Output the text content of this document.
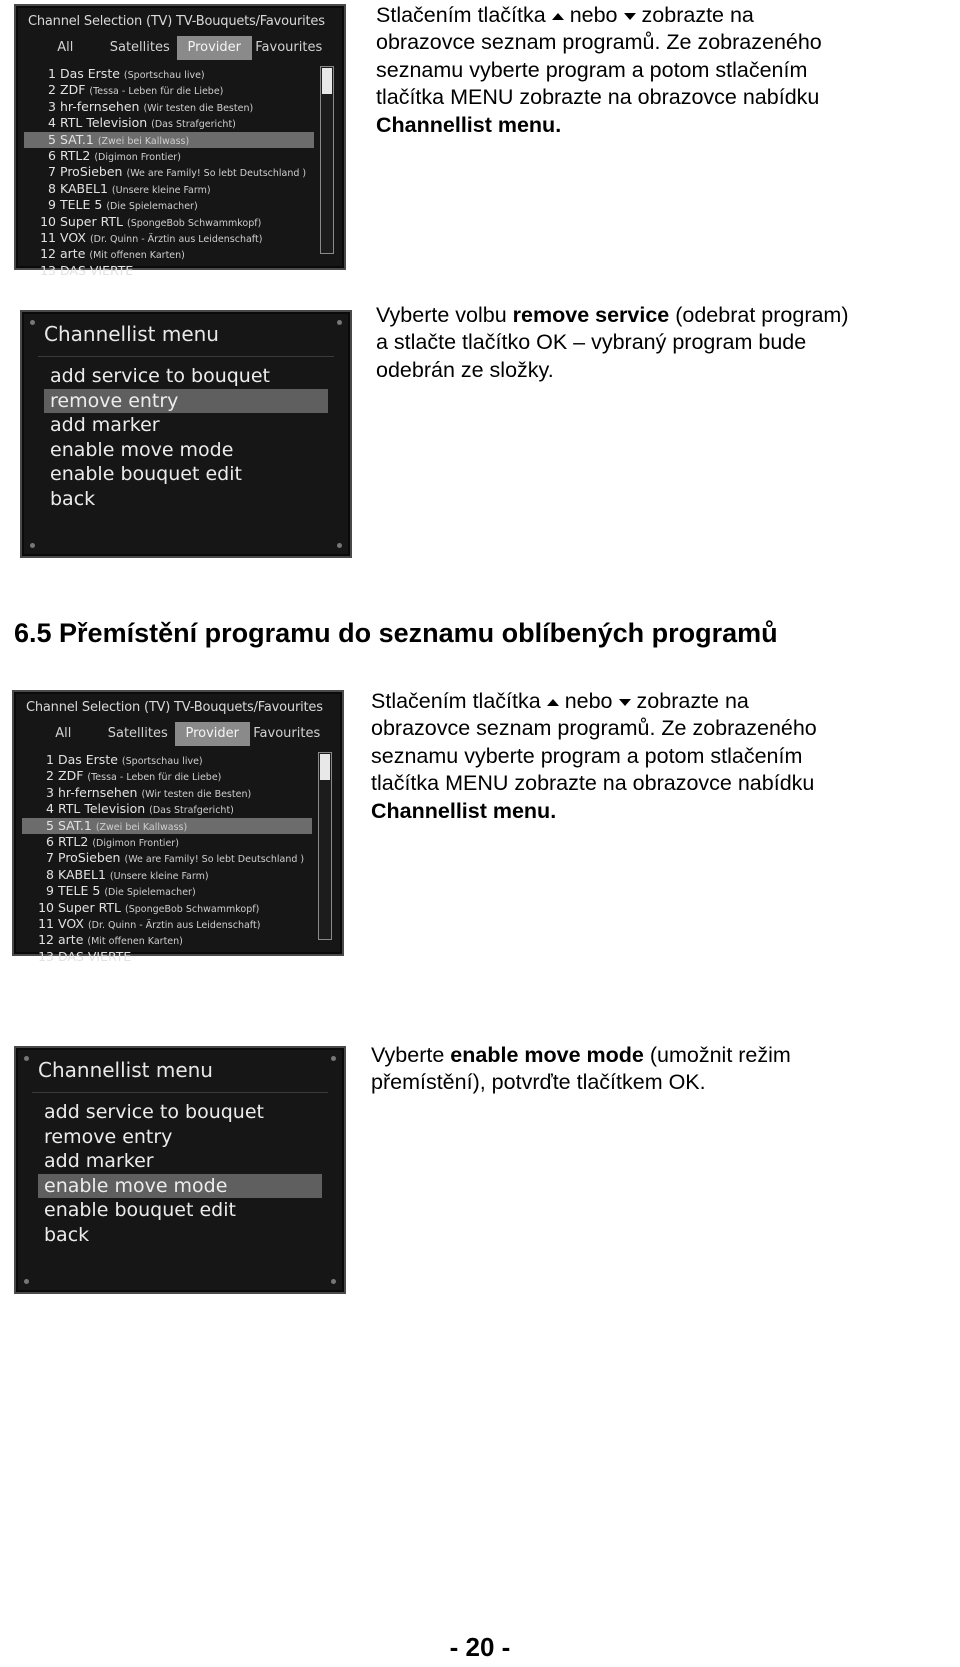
Channel Selection (TV) TV-Bouquets/Favourites
All	Satellites	Provider	Favourites
1 Das Erste (Sportschau live)
2 ZDF (Tessa - Leben für die Liebe)
3 hr-fernsehen (Wir testen die Besten)
4 RTL Television (Das Strafgericht)
5 SAT.1 (Zwei bei Kallwass)
6 RTL2 (Digimon Frontier)
7 ProSieben (We are Family! So lebt Deutschland )
8 KABEL1 (Unsere kleine Farm)
9 TELE 5 (Die Spielemacher)
10 Super RTL (SpongeBob Schwammkopf)
11 VOX (Dr. Quinn - Ärztin aus Leidenschaft)
12 arte (Mit offenen Karten)
13 DAS VIERTE

Stlačením tlačítka nebo zobrazte na
obrazovce seznam programů. Ze zobrazeného
seznamu vyberte program a potom stlačením
tlačítka MENU zobrazte na obrazovce nabídku
Channellist menu.

Channellist menu
add service to bouquet
remove entry
add marker
enable move mode
enable bouquet edit
back

Vyberte volbu remove service (odebrat program)
a stlačte tlačítko OK – vybraný program bude
odebrán ze složky.

6.5 Přemístění programu do seznamu oblíbených programů
Channel Selection (TV) TV-Bouquets/Favourites
All	Satellites	Provider	Favourites
1 Das Erste (Sportschau live)
2 ZDF (Tessa - Leben für die Liebe)
3 hr-fernsehen (Wir testen die Besten)
4 RTL Television (Das Strafgericht)
5 SAT.1 (Zwei bei Kallwass)
6 RTL2 (Digimon Frontier)
7 ProSieben (We are Family! So lebt Deutschland )
8 KABEL1 (Unsere kleine Farm)
9 TELE 5 (Die Spielemacher)
10 Super RTL (SpongeBob Schwammkopf)
11 VOX (Dr. Quinn - Ärztin aus Leidenschaft)
12 arte (Mit offenen Karten)
13 DAS VIERTE

Stlačením tlačítka nebo zobrazte na
obrazovce seznam programů. Ze zobrazeného
seznamu vyberte program a potom stlačením
tlačítka MENU zobrazte na obrazovce nabídku
Channellist menu.

Channellist menu
add service to bouquet
remove entry
add marker
enable move mode
enable bouquet edit
back

Vyberte enable move mode (umožnit režim
přemístění), potvrďte tlačítkem OK.

- 20 -
